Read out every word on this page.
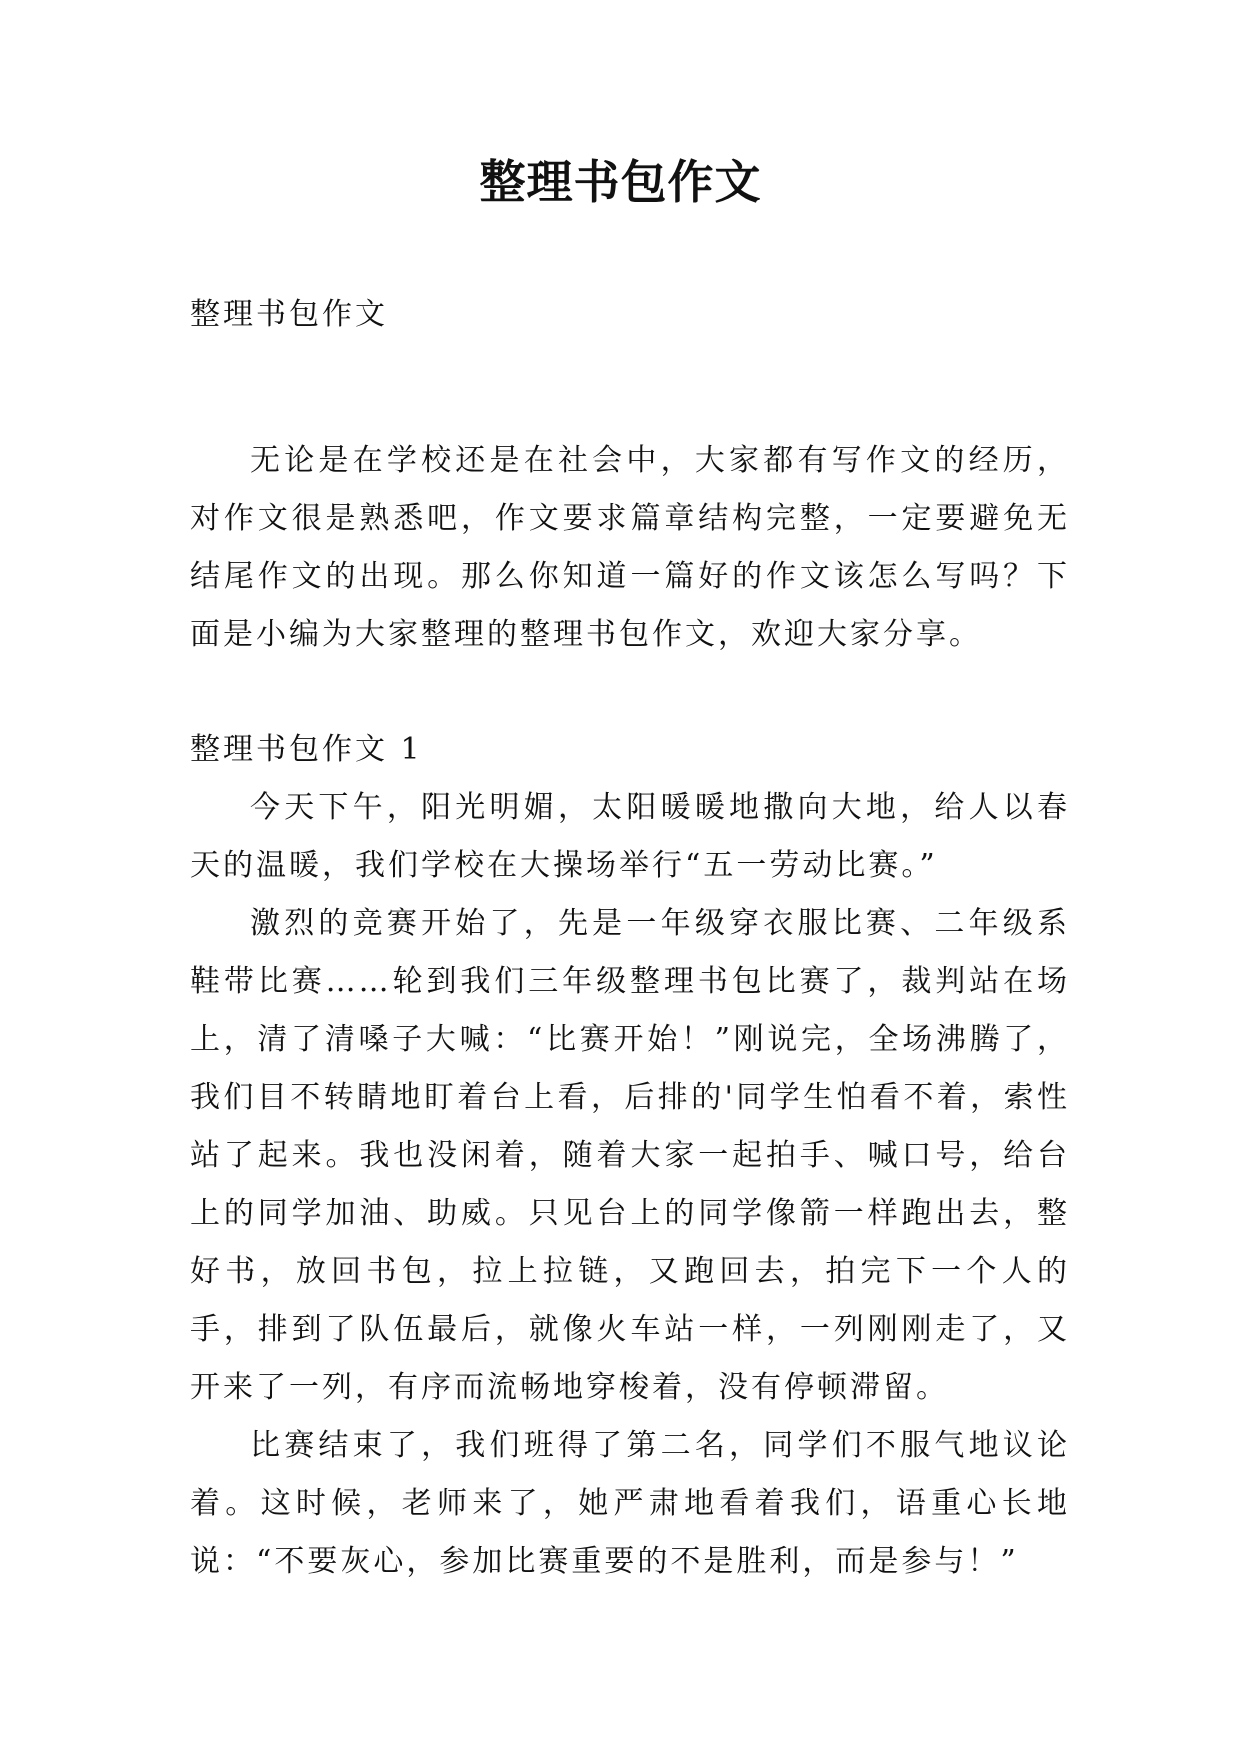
整理书包作文

整理书包作文

无论是在学校还是在社会中，大家都有写作文的经历，对作文很是熟悉吧，作文要求篇章结构完整，一定要避免无结尾作文的出现。那么你知道一篇好的作文该怎么写吗？下面是小编为大家整理的整理书包作文，欢迎大家分享。

整理书包作文 1

今天下午，阳光明媚，太阳暖暖地撒向大地，给人以春天的温暖，我们学校在大操场举行“五一劳动比赛。”

激烈的竞赛开始了，先是一年级穿衣服比赛、二年级系鞋带比赛……轮到我们三年级整理书包比赛了，裁判站在场上，清了清嗓子大喊：“比赛开始！”刚说完，全场沸腾了，我们目不转睛地盯着台上看，后排的'同学生怕看不着，索性站了起来。我也没闲着，随着大家一起拍手、喊口号，给台上的同学加油、助威。只见台上的同学像箭一样跑出去，整好书，放回书包，拉上拉链，又跑回去，拍完下一个人的手，排到了队伍最后，就像火车站一样，一列刚刚走了，又开来了一列，有序而流畅地穿梭着，没有停顿滞留。

比赛结束了，我们班得了第二名，同学们不服气地议论着。这时候，老师来了，她严肃地看着我们，语重心长地说：“不要灰心，参加比赛重要的不是胜利，而是参与！”
